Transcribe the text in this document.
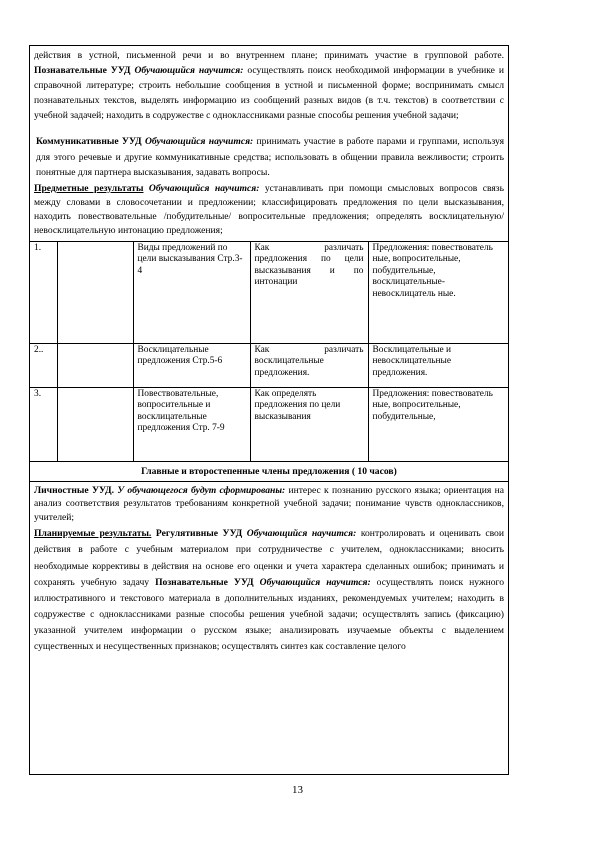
действия в устной, письменной речи и во внутреннем плане; принимать участие в групповой работе. Познавательные УУД Обучающийся научится: осуществлять поиск необходимой информации в учебнике и справочной литературе; строить небольшие сообщения в устной и письменной форме; воспринимать смысл познавательных текстов, выделять информацию из сообщений разных видов (в т.ч. текстов) в соответствии с учебной задачей; находить в содружестве с одноклассниками разные способы решения учебной задачи;
Коммуникативные УУД Обучающийся научится: принимать участие в работе парами и группами, используя для этого речевые и другие коммуникативные средства; использовать в общении правила вежливости; строить понятные для партнера высказывания, задавать вопросы.
Предметные результаты Обучающийся научится: устанавливать при помощи смысловых вопросов связь между словами в словосочетании и предложении; классифицировать предложения по цели высказывания, находить повествовательные /побудительные/ вопросительные предложения; определять восклицательную/невосклицательную интонацию предложения;
1.		Виды предложений по цели высказывания Стр.3-4	Как различать предложения по цели высказывания и по интонации	Предложения: повествователь ные, вопросительные, побудительные, восклицательные-невосклицатель ные.
2..		Восклицательные предложения Стр.5-6	Как различать восклицательные предложения.	Восклицательные и невосклицательные предложения.
3.		Повествовательные, вопросительные и восклицательные предложения Стр. 7-9	Как определять предложения по цели высказывания	Предложения: повествователь ные, вопросительные, побудительные,
Главные и второстепенные члены предложения ( 10 часов)
Личностные УУД. У обучающегося будут сформированы: интерес к познанию русского языка; ориентация на анализ соответствия результатов требованиям конкретной учебной задачи; понимание чувств одноклассников, учителей;
Планируемые результаты. Регулятивные УУД Обучающийся научится: контролировать и оценивать свои действия в работе с учебным материалом при сотрудничестве с учителем, одноклассниками; вносить необходимые коррективы в действия на основе его оценки и учета характера сделанных ошибок; принимать и сохранять учебную задачу Познавательные УУД Обучающийся научится: осуществлять поиск нужного иллюстративного и текстового материала в дополнительных изданиях, рекомендуемых учителем; находить в содружестве с одноклассниками разные способы решения учебной задачи; осуществлять запись (фиксацию) указанной учителем информации о русском языке; анализировать изучаемые объекты с выделением существенных и несущественных признаков; осуществлять синтез как составление целого
13
